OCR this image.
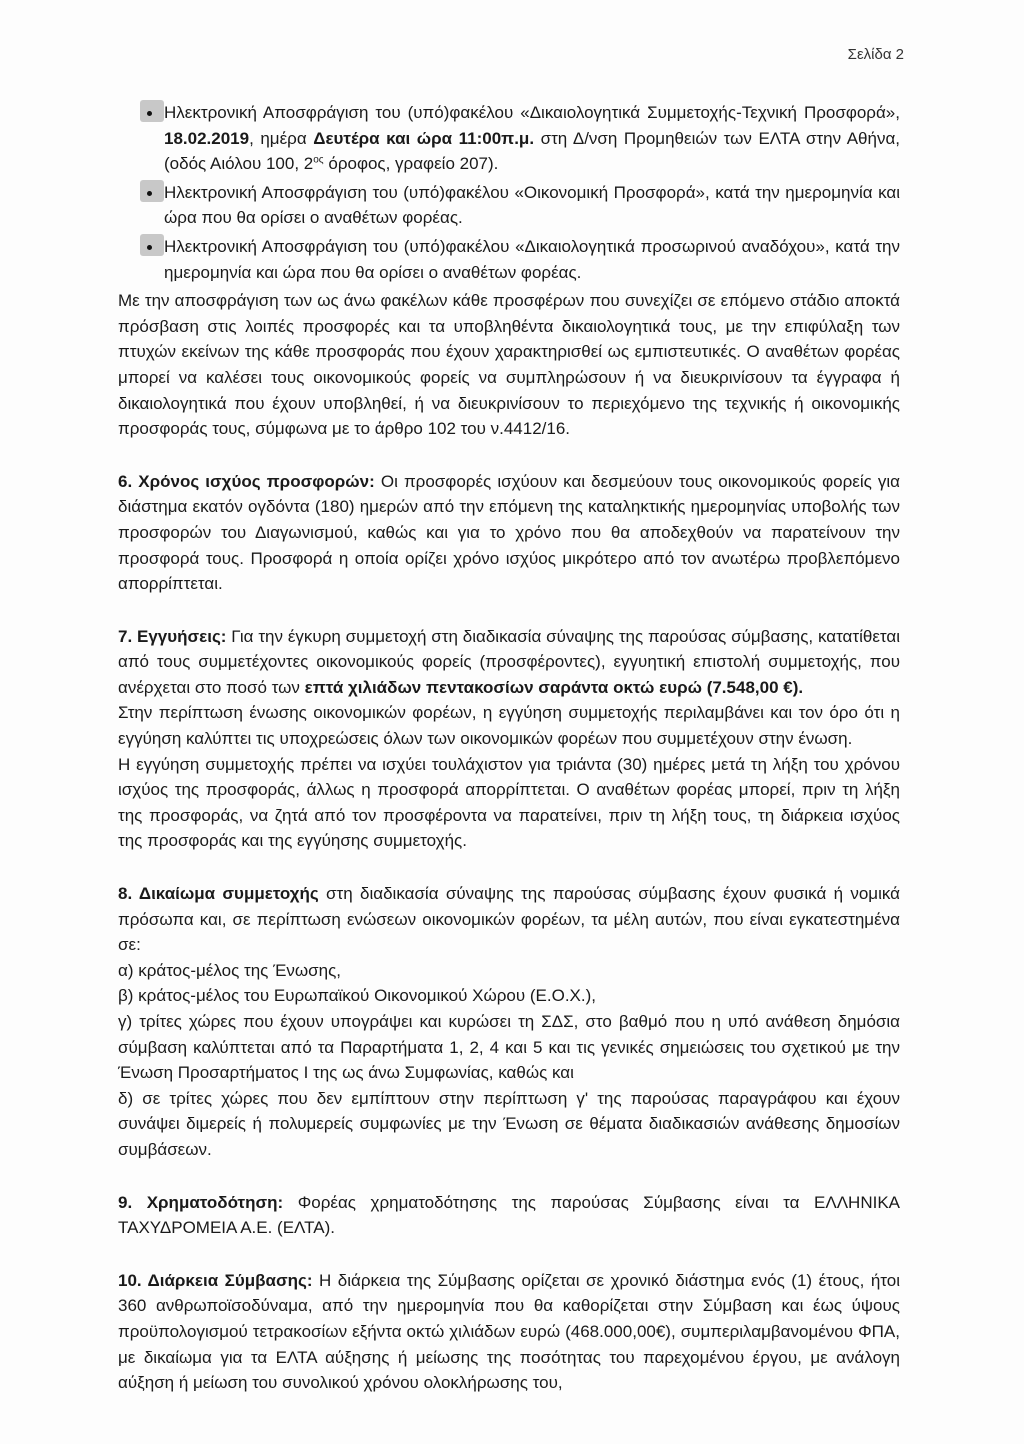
Σελίδα 2
Ηλεκτρονική Αποσφράγιση του (υπό)φακέλου «Δικαιολογητικά Συμμετοχής-Τεχνική Προσφορά», 18.02.2019, ημέρα Δευτέρα και ώρα 11:00π.μ. στη Δ/νση Προμηθειών των ΕΛΤΑ στην Αθήνα, (οδός Αιόλου 100, $2^{o\varsigma}$ όροφος, γραφείο 207).
Ηλεκτρονική Αποσφράγιση του (υπό)φακέλου «Οικονομική Προσφορά», κατά την ημερομηνία και ώρα που θα ορίσει ο αναθέτων φορέας.
Ηλεκτρονική Αποσφράγιση του (υπό)φακέλου «Δικαιολογητικά προσωρινού αναδόχου», κατά την ημερομηνία και ώρα που θα ορίσει ο αναθέτων φορέας.

Με την αποσφράγιση των ως άνω φακέλων κάθε προσφέρων που συνεχίζει σε επόμενο στάδιο αποκτά πρόσβαση στις λοιπές προσφορές και τα υποβληθέντα δικαιολογητικά τους, με την επιφύλαξη των πτυχών εκείνων της κάθε προσφοράς που έχουν χαρακτηρισθεί ως εμπιστευτικές. Ο αναθέτων φορέας μπορεί να καλέσει τους οικονομικούς φορείς να συμπληρώσουν ή να διευκρινίσουν τα έγγραφα ή δικαιολογητικά που έχουν υποβληθεί, ή να διευκρινίσουν το περιεχόμενο της τεχνικής ή οικονομικής προσφοράς τους, σύμφωνα με το άρθρο 102 του ν.4412/16.

6. Χρόνος ισχύος προσφορών: Οι προσφορές ισχύουν και δεσμεύουν τους οικονομικούς φορείς για διάστημα εκατόν ογδόντα (180) ημερών από την επόμενη της καταληκτικής ημερομηνίας υποβολής των προσφορών του Διαγωνισμού, καθώς και για το χρόνο που θα αποδεχθούν να παρατείνουν την προσφορά τους. Προσφορά η οποία ορίζει χρόνο ισχύος μικρότερο από τον ανωτέρω προβλεπόμενο απορρίπτεται.
7. Εγγυήσεις: Για την έγκυρη συμμετοχή στη διαδικασία σύναψης της παρούσας σύμβασης, κατατίθεται από τους συμμετέχοντες οικονομικούς φορείς (προσφέροντες), εγγυητική επιστολή συμμετοχής, που ανέρχεται στο ποσό των επτά χιλιάδων πεντακοσίων σαράντα οκτώ ευρώ (7.548,00 €).
Στην περίπτωση ένωσης οικονομικών φορέων, η εγγύηση συμμετοχής περιλαμβάνει και τον όρο ότι η εγγύηση καλύπτει τις υποχρεώσεις όλων των οικονομικών φορέων που συμμετέχουν στην ένωση.
Η εγγύηση συμμετοχής πρέπει να ισχύει τουλάχιστον για τριάντα (30) ημέρες μετά τη λήξη του χρόνου ισχύος της προσφοράς, άλλως η προσφορά απορρίπτεται. Ο αναθέτων φορέας μπορεί, πριν τη λήξη της προσφοράς, να ζητά από τον προσφέροντα να παρατείνει, πριν τη λήξη τους, τη διάρκεια ισχύος της προσφοράς και της εγγύησης συμμετοχής.
8. Δικαίωμα συμμετοχής στη διαδικασία σύναψης της παρούσας σύμβασης έχουν φυσικά ή νομικά πρόσωπα και, σε περίπτωση ενώσεων οικονομικών φορέων, τα μέλη αυτών, που είναι εγκατεστημένα σε:
α) κράτος-μέλος της Ένωσης,
β) κράτος-μέλος του Ευρωπαϊκού Οικονομικού Χώρου (Ε.Ο.Χ.),
γ) τρίτες χώρες που έχουν υπογράψει και κυρώσει τη ΣΔΣ, στο βαθμό που η υπό ανάθεση δημόσια σύμβαση καλύπτεται από τα Παραρτήματα 1, 2, 4 και 5 και τις γενικές σημειώσεις του σχετικού με την Ένωση Προσαρτήματος Ι της ως άνω Συμφωνίας, καθώς και
δ) σε τρίτες χώρες που δεν εμπίπτουν στην περίπτωση γ' της παρούσας παραγράφου και έχουν συνάψει διμερείς ή πολυμερείς συμφωνίες με την Ένωση σε θέματα διαδικασιών ανάθεσης δημοσίων συμβάσεων.
9. Χρηματοδότηση: Φορέας χρηματοδότησης της παρούσας Σύμβασης είναι τα ΕΛΛΗΝΙΚΑ ΤΑΧΥΔΡΟΜΕΙΑ Α.Ε. (ΕΛΤΑ).
10. Διάρκεια Σύμβασης: Η διάρκεια της Σύμβασης ορίζεται σε χρονικό διάστημα ενός (1) έτους, ήτοι 360 ανθρωποϊσοδύναμα, από την ημερομηνία που θα καθορίζεται στην Σύμβαση και έως ύψους προϋπολογισμού τετρακοσίων εξήντα οκτώ χιλιάδων ευρώ (468.000,00€), συμπεριλαμβανομένου ΦΠΑ, με δικαίωμα για τα ΕΛΤΑ αύξησης ή μείωσης της ποσότητας του παρεχομένου έργου, με ανάλογη αύξηση ή μείωση του συνολικού χρόνου ολοκλήρωσης του,
